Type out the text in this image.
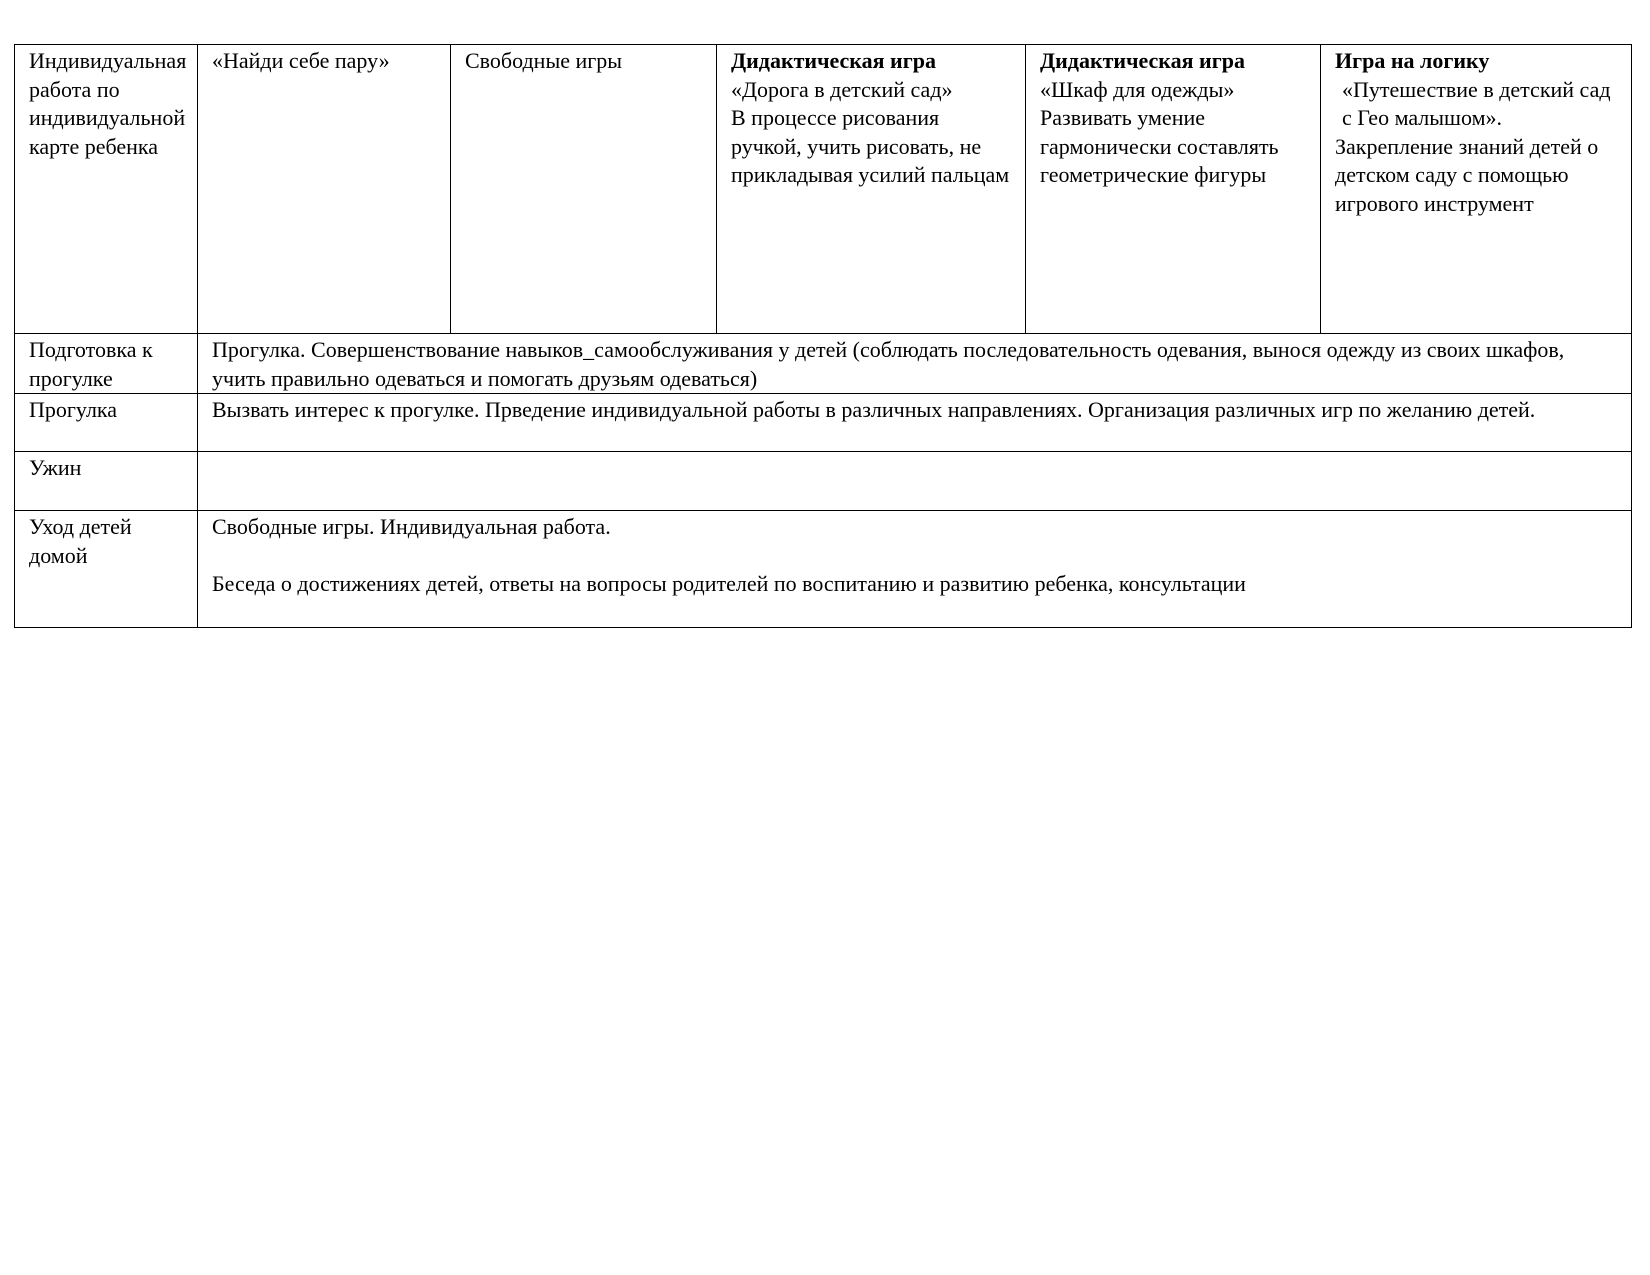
Индивидуальная работа по индивидуальной карте ребенка	«Найди себе пару»	Свободные игры	Дидактическая игра
«Дорога в детский сад»
В процессе рисования ручкой, учить рисовать, не прикладывая усилий пальцам	Дидактическая игра
«Шкаф для одежды»
Развивать умение гармонически составлять геометрические фигуры	Игра на логику
«Путешествие в детский сад с Гео малышом».
Закрепление знаний детей о детском саду с помощью игрового инструмент

Подготовка к прогулке	Прогулка. Совершенствование навыков_самообслуживания у детей (соблюдать последовательность одевания, вынося одежду из своих шкафов, учить правильно одеваться и помогать друзьям одеваться)				
Прогулка	Вызвать интерес к прогулке. Прведение индивидуальной работы в различных направлениях. Организация различных игр по желанию детей.				
Ужин					
Уход детей домой	Свободные игры. Индивидуальная работа.
Беседа о достижениях детей, ответы на вопросы родителей по воспитанию и развитию ребенка, консультации				
